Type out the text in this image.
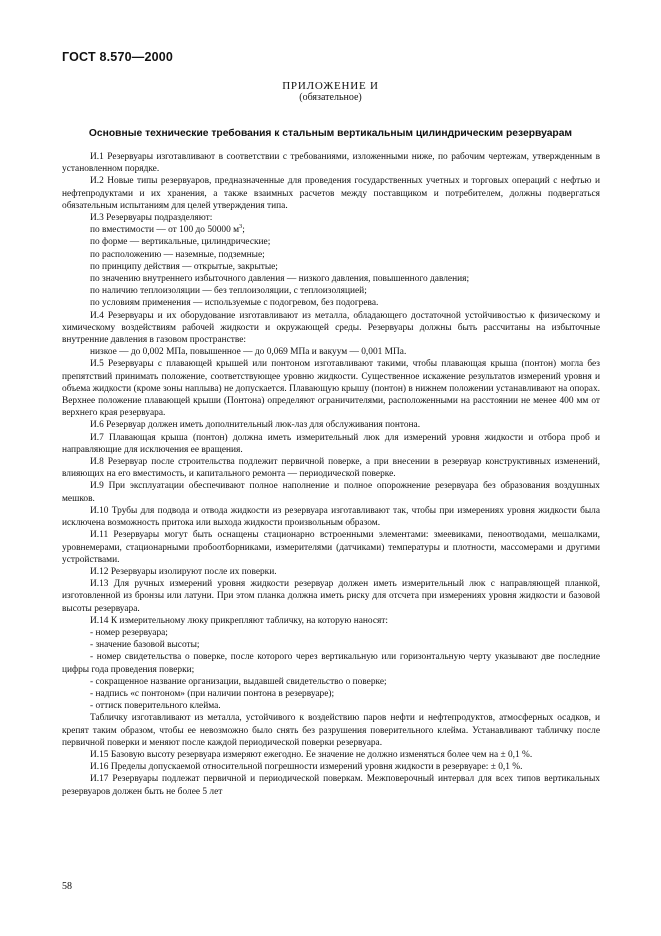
ГОСТ 8.570—2000
ПРИЛОЖЕНИЕ И
(обязательное)
Основные технические требования к стальным вертикальным цилиндрическим резервуарам

И.1 Резервуары изготавливают в соответствии с требованиями, изложенными ниже, по рабочим чертежам, утвержденным в установленном порядке.

И.2 Новые типы резервуаров, предназначенные для проведения государственных учетных и торговых операций с нефтью и нефтепродуктами и их хранения, а также взаимных расчетов между поставщиком и потребителем, должны подвергаться обязательным испытаниям для целей утверждения типа.

И.3 Резервуары подразделяют:

по вместимости — от 100 до 50000 $м^3$;

по форме — вертикальные, цилиндрические;

по расположению — наземные, подземные;

по принципу действия — открытые, закрытые;

по значению внутреннего избыточного давления — низкого давления, повышенного давления;

по наличию теплоизоляции — без теплоизоляции, с теплоизоляцией;

по условиям применения — используемые с подогревом, без подогрева.

И.4 Резервуары и их оборудование изготавливают из металла, обладающего достаточной устойчивостью к физическому и химическому воздействиям рабочей жидкости и окружающей среды. Резервуары должны быть рассчитаны на избыточные внутренние давления в газовом пространстве:

низкое — до 0,002 МПа, повышенное — до 0,069 МПа и вакуум — 0,001 МПа.

И.5 Резервуары с плавающей крышей или понтоном изготавливают такими, чтобы плавающая крыша (понтон) могла без препятствий принимать положение, соответствующее уровню жидкости. Существенное искажение результатов измерений уровня и объема жидкости (кроме зоны наплыва) не допускается. Плавающую крышу (понтон) в нижнем положении устанавливают на опорах. Верхнее положение плавающей крыши (Понтона) определяют ограничителями, расположенными на расстоянии не менее 400 мм от верхнего края резервуара.

И.6 Резервуар должен иметь дополнительный люк-лаз для обслуживания понтона.

И.7 Плавающая крыша (понтон) должна иметь измерительный люк для измерений уровня жидкости и отбора проб и направляющие для исключения ее вращения.

И.8 Резервуар после строительства подлежит первичной поверке, а при внесении в резервуар конструктивных изменений, влияющих на его вместимость, и капитального ремонта — периодической поверке.

И.9 При эксплуатации обеспечивают полное наполнение и полное опорожнение резервуара без образования воздушных мешков.

И.10 Трубы для подвода и отвода жидкости из резервуара изготавливают так, чтобы при измерениях уровня жидкости была исключена возможность притока или выхода жидкости произвольным образом.

И.11 Резервуары могут быть оснащены стационарно встроенными элементами: змеевиками, пеноотводами, мешалками, уровнемерами, стационарными пробоотборниками, измерителями (датчиками) температуры и плотности, массомерами и другими устройствами.

И.12 Резервуары изолируют после их поверки.

И.13 Для ручных измерений уровня жидкости резервуар должен иметь измерительный люк с направляющей планкой, изготовленной из бронзы или латуни. При этом планка должна иметь риску для отсчета при измерениях уровня жидкости и базовой высоты резервуара.

И.14 К измерительному люку прикрепляют табличку, на которую наносят:

- номер резервуара;

- значение базовой высоты;

- номер свидетельства о поверке, после которого через вертикальную или горизонтальную черту указывают две последние цифры года проведения поверки;

- сокращенное название организации, выдавшей свидетельство о поверке;

- надпись «с понтоном» (при наличии понтона в резервуаре);

- оттиск поверительного клейма.

Табличку изготавливают из металла, устойчивого к воздействию паров нефти и нефтепродуктов, атмосферных осадков, и крепят таким образом, чтобы ее невозможно было снять без разрушения поверительного клейма. Устанавливают табличку после первичной поверки и меняют после каждой периодической поверки резервуара.

И.15 Базовую высоту резервуара измеряют ежегодно. Ее значение не должно изменяться более чем на ± 0,1 %.

И.16 Пределы допускаемой относительной погрешности измерений уровня жидкости в резервуаре: ± 0,1 %.

И.17 Резервуары подлежат первичной и периодической поверкам. Межповерочный интервал для всех типов вертикальных резервуаров должен быть не более 5 лет

58
